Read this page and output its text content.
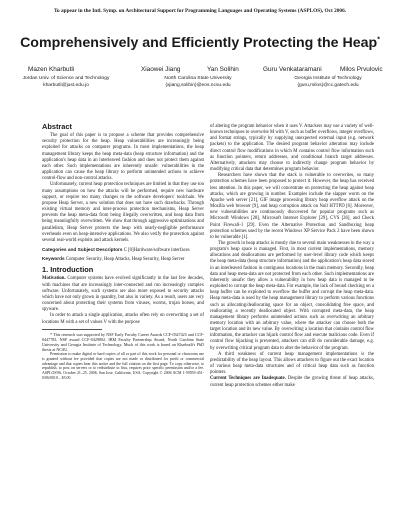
To appear in the Intl. Symp. on Architectural Support for Programming Languages and Operating Systems (ASPLOS), Oct 2006.
Comprehensively and Efficiently Protecting the Heap*
Mazen Kharbutli	Xiaowei Jiang	Yan Solihin	Guru Venkataramani	Milos Prvulovic
Jordan Univ. of Science and Technology
kharbutli@just.edu.jo
North Carolina State University
{xjiang,solihin}@eos.ncsu.edu
Georgia Institute of Technology
{guru,milos}@cc.gatech.edu
Abstract

The goal of this paper is to propose a scheme that provides comprehensive security protection for the heap. Heap vulnerabilities are increasingly being exploited for attacks on computer programs. In most implementations, the heap management library keeps the heap meta-data (heap structure information) and the application's heap data in an interleaved fashion and does not protect them against each other. Such implementations are inherently unsafe: vulnerabilities in the application can cause the heap library to perform unintended actions to achieve control-flow and non-control attacks.

Unfortunately, current heap protection techniques are limited in that they use too many assumptions on how the attacks will be performed, require new hardware support, or require too many changes to the software developers' toolchain. We propose Heap Server, a new solution that does not have such drawbacks. Through existing virtual memory and inter-process protection mechanisms, Heap Server prevents the heap meta-data from being illegally overwritten, and heap data from being meaningfully overwritten. We show that through aggressive optimizations and parallelism, Heap Server protects the heap with nearly-negligible performance overheads even on heap-intensive applications. We also verify the protection against several real-world exploits and attack kernels.

Categories and Subject Descriptors C [0]Hardware/software interfaces

Keywords Computer Security, Heap Attacks, Heap Security, Heap Server

1. Introduction

Motivation. Computer systems have evolved significantly in the last few decades, with machines that are increasingly inter-connected and run increasingly complex software. Unfortunately, such systems are also more exposed to security attacks which have not only grown in quantity, but also in variety. As a result, users are very concerned about protecting their systems from viruses, worms, trojan horses, and spyware.

In order to attack a single application, attacks often rely on overwriting a set of locations M with a set of values V with the purpose

* This research was supported by NSF Early Faculty Career Awards CCF-0347425 and CCF-0447783, NSF award CCF-0429802, IBM Faculty Partnership Award, North Carolina State University and Georgia Institute of Technology. Much of this work is based on Kharbutli's PhD thesis at NCSU.

Permission to make digital or hard copies of all or part of this work for personal or classroom use is granted without fee provided that copies are not made or distributed for profit or commercial advantage and that copies bear this notice and the full citation on the first page. To copy otherwise, to republish, to post on servers or to redistribute to lists, requires prior specific permission and/or a fee. ASPLOS'06, October 21–25, 2006, San Jose, California, USA. Copyright © 2006 ACM 1-59593-451-0/06/0010... $5.00

of altering the program behavior when it uses V. Attackers may use a variety of well-known techniques to overwrite M with V, such as buffer overflows, integer overflows, and format strings, typically by supplying unexpected external input (e.g. network packets) to the application. The desired program behavior alteration may include direct control flow modifications in which M contains control flow information such as function pointers, return addresses, and conditional branch target addresses. Alternatively, attackers may choose to indirectly change program behavior by modifying critical data that determines program behavior.

Researchers have shown that the stack is vulnerable to overwrites, so many protection schemes have been proposed to protect it. However, the heap has received less attention. In this paper, we will concentrate on protecting the heap against heap attacks, which are growing in number. Examples include the slapper worm on the Apache web server [21], GIF image processing library heap overflow attack on the Mozilla web browser [9], and heap corruption attack on Null HTTPD [6]. Moreover, new vulnerabilities are continuously discovered for popular programs such as Microsoft Windows [28], Microsoft Internet Explorer [29], CVS [26], and Check Point Firewall-1 [29]. Even the Alternative Protection and Sandboxing heap protection schemes used by the recent Windows XP Service Pack 2 have been shown to be vulnerable [1].

The growth in heap attacks is mostly due to several main weaknesses in the way a program's heap space is managed. First, in most current implementations, memory allocations and deallocations are performed by user-level library code which keeps the heap meta-data (heap structure information) and the application's heap data stored in an interleaved fashion in contiguous locations in the main memory. Secondly, heap data and heap meta-data are not protected from each other. Such implementations are inherently unsafe: they allow a vulnerability in how heap data is managed to be exploited to corrupt the heap meta-data. For example, the lack of bound checking on a heap buffer can be exploited to overflow the buffer and corrupt the heap meta-data. Heap meta-data is used by the heap management library to perform various functions such as allocating/deallocating space for an object, consolidating free space, and reallocating a recently deallocated object. With corrupted meta-data, the heap management library performs unintended actions such as overwriting an arbitrary memory location with an arbitrary value, where the attacker can choose both the target location and its new value. By overwriting a location that contains control flow information, the attacker can hijack control flow and execute malicious code. Even if control flow hijacking is prevented, attackers can still do considerable damage, e.g. by overwriting critical program data to alter the behavior of the program.

A third weakness of current heap management implementations is the predictability of the heap layout. This allows attackers to figure out the exact location of various heap meta-data structures and of critical heap data such as function pointers.

Current Techniques are Inadequate. Despite the growing threat of heap attacks, current heap protection schemes either make
